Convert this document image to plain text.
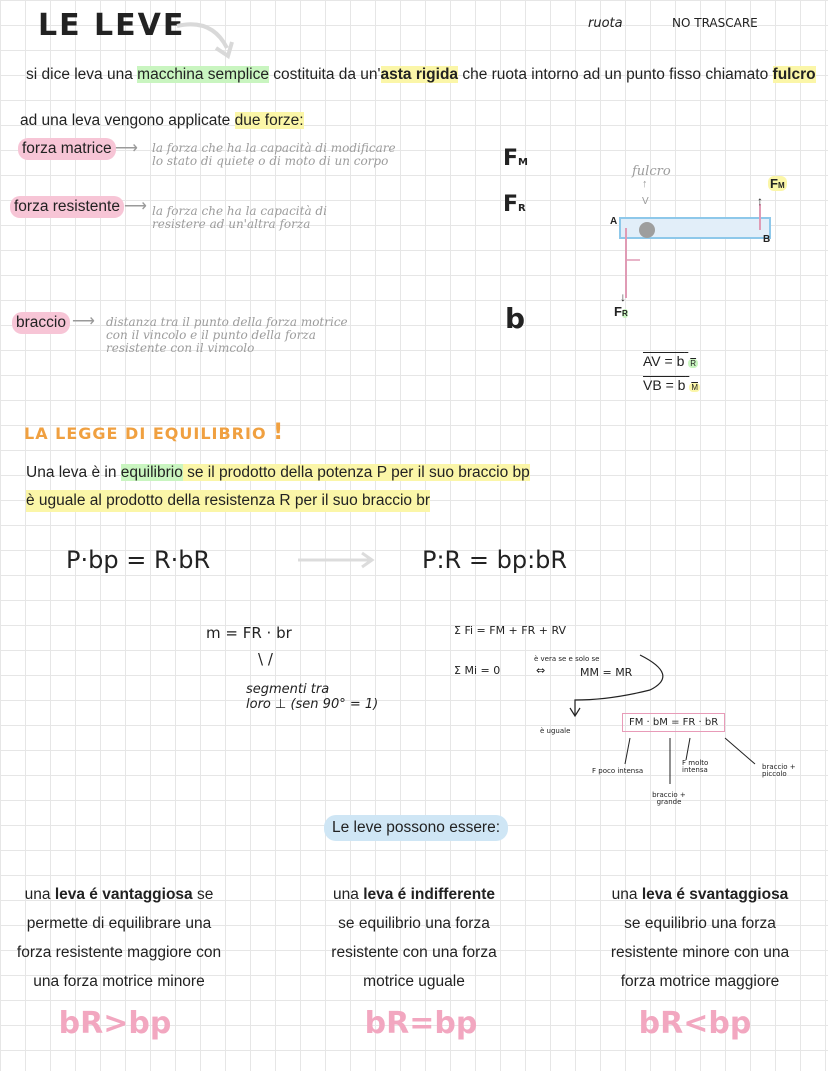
LE LEVE	ruota	NO TRASCARE
si dice leva una macchina semplice costituita da un'asta rigida che ruota intorno ad un punto fisso chiamato fulcro
ad una leva vengono applicate due forze:
forza matrice ⟶ la forza che ha la capacità di modificare
lo stato di quiete o di moto di un corpo	FM
forza resistente ⟶ la forza che ha la capacità di
resistere ad un'altra forza
FR
braccio ⟶ distanza tra il punto della forza motrice
con il vincolo e il punto della forza
resistente con il vimcolo
b
fulcro
↑
V
A
B
↑
FM
↓
FR
AV = b R
VB = b M
LA LEGGE DI EQUILIBRIO !
Una leva è in equilibrio se il prodotto della potenza P per il suo braccio bp
è uguale al prodotto della resistenza R per il suo braccio br
P·bp = R·bR	P:R = bp:bR
m = FR · br
\ /
segmenti tra
loro ⊥ (sen 90° = 1)
Σ Fi = FM + FR + RV
Σ Mi = 0	⇔
è vera se e solo se
MM = MR
è uguale
FM · bM = FR · bR
F poco intensa
F molto intensa
braccio + grande
braccio + piccolo
Le leve possono essere:
una leva é vantaggiosa se
permette di equilibrare una
forza resistente maggiore con
una forza motrice minore
bR>bp
una leva é indifferente
se equilibrio una forza
resistente con una forza
motrice uguale
bR=bp
una leva é svantaggiosa
se equilibrio una forza
resistente minore con una
forza motrice maggiore
bR<bp
